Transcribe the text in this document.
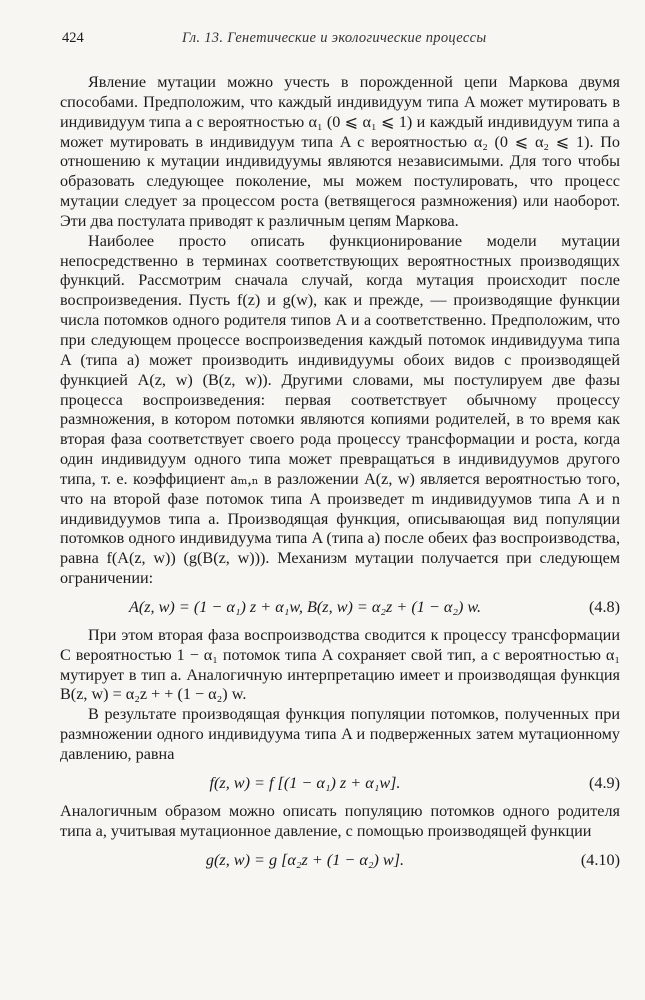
424	Гл. 13. Генетические и экологические процессы

Явление мутации можно учесть в порожденной цепи Маркова двумя способами. Предположим, что каждый индивидуум типа A может мутировать в индивидуум типа a с вероятностью α₁ (0 ⩽ α₁ ⩽ 1) и каждый индивидуум типа a может мутировать в индивидуум типа A с вероятностью α₂ (0 ⩽ α₂ ⩽ 1). По отношению к мутации индивидуумы являются независимыми. Для того чтобы образовать следующее поколение, мы можем постулировать, что процесс мутации следует за процессом роста (ветвящегося размножения) или наоборот. Эти два постулата приводят к различным цепям Маркова.

Наиболее просто описать функционирование модели мутации непосредственно в терминах соответствующих вероятностных производящих функций. Рассмотрим сначала случай, когда мутация происходит после воспроизведения. Пусть f(z) и g(w), как и прежде, — производящие функции числа потомков одного родителя типов A и a соответственно. Предположим, что при следующем процессе воспроизведения каждый потомок индивидуума типа A (типа a) может производить индивидуумы обоих видов с производящей функцией A(z, w) (B(z, w)). Другими словами, мы постулируем две фазы процесса воспроизведения: первая соответствует обычному процессу размножения, в котором потомки являются копиями родителей, в то время как вторая фаза соответствует своего рода процессу трансформации и роста, когда один индивидуум одного типа может превращаться в индивидуумов другого типа, т. е. коэффициент aₘ,ₙ в разложении A(z, w) является вероятностью того, что на второй фазе потомок типа A произведет m индивидуумов типа A и n индивидуумов типа a. Производящая функция, описывающая вид популяции потомков одного индивидуума типа A (типа a) после обеих фаз воспроизводства, равна f(A(z, w)) (g(B(z, w))). Механизм мутации получается при следующем ограничении:

A(z, w) = (1 − α₁) z + α₁w, B(z, w) = α₂z + (1 − α₂) w.	(4.8)

При этом вторая фаза воспроизводства сводится к процессу трансформации C вероятностью 1 − α₁ потомок типа A сохраняет свой тип, а с вероятностью α₁ мутирует в тип a. Аналогичную интерпретацию имеет и производящая функция B(z, w) = α₂z + + (1 − α₂) w.

В результате производящая функция популяции потомков, полученных при размножении одного индивидуума типа A и подверженных затем мутационному давлению, равна

f(z, w) = f [(1 − α₁) z + α₁w].	(4.9)

Аналогичным образом можно описать популяцию потомков одного родителя типа a, учитывая мутационное давление, с помощью производящей функции

g(z, w) = g [α₂z + (1 − α₂) w].	(4.10)
